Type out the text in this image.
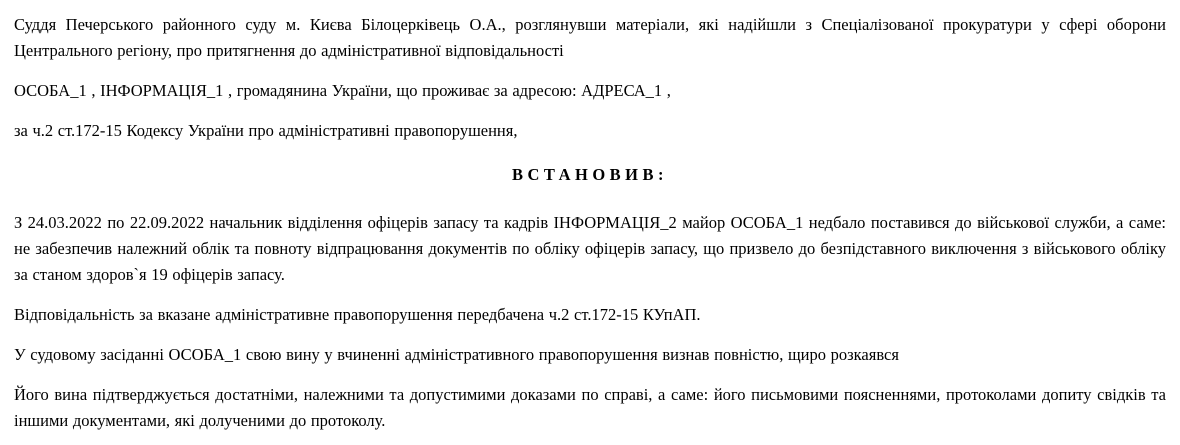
Суддя Печерського районного суду м. Києва Білоцерківець О.А., розглянувши матеріали, які надійшли з Спеціалізованої прокуратури у сфері оборони Центрального регіону, про притягнення до адміністративної відповідальності

ОСОБА_1 , ІНФОРМАЦІЯ_1 , громадянина України, що проживає за адресою: АДРЕСА_1 ,

за ч.2 ст.172-15 Кодексу України про адміністративні правопорушення,

ВСТАНОВИВ:

З 24.03.2022 по 22.09.2022 начальник відділення офіцерів запасу та кадрів ІНФОРМАЦІЯ_2 майор ОСОБА_1 недбало поставився до військової служби, а саме: не забезпечив належний облік та повноту відпрацювання документів по обліку офіцерів запасу, що призвело до безпідставного виключення з військового обліку за станом здоров`я 19 офіцерів запасу.

Відповідальність за вказане адміністративне правопорушення передбачена ч.2 ст.172-15 КУпАП.

У судовому засіданні ОСОБА_1 свою вину у вчиненні адміністративного правопорушення визнав повністю, щиро розкаявся

Його вина підтверджується достатніми, належними та допустимими доказами по справі, а саме: його письмовими поясненнями, протоколами допиту свідків та іншими документами, які долученими до протоколу.
